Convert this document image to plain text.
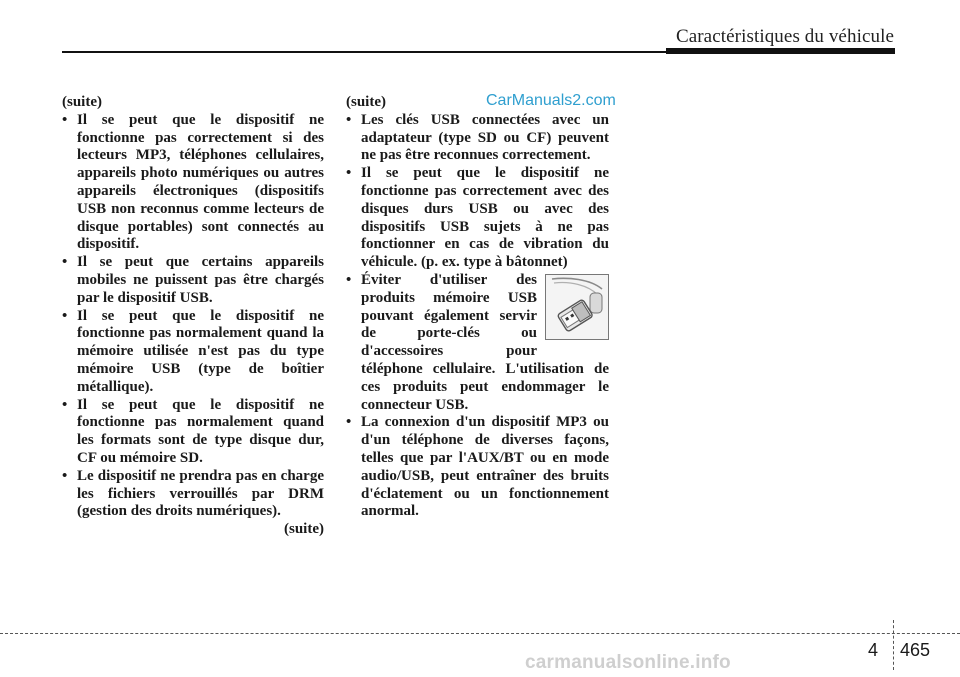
Caractéristiques du véhicule
CarManuals2.com

(suite)

• Il se peut que le dispositif ne fonctionne pas correctement si des lecteurs MP3, téléphones cellulaires, appareils photo numériques ou autres appareils électroniques (dispositifs USB non reconnus comme lecteurs de disque portables) sont connectés au dispositif.
• Il se peut que certains appareils mobiles ne puissent pas être chargés par le dispositif USB.
• Il se peut que le dispositif ne fonctionne pas normalement quand la mémoire utilisée n'est pas du type mémoire USB (type de boîtier métallique).
• Il se peut que le dispositif ne fonctionne pas normalement quand les formats sont de type disque dur, CF ou mémoire SD.
• Le dispositif ne prendra pas en charge les fichiers verrouillés par DRM (gestion des droits numériques).

(suite)

(suite)

• Les clés USB connectées avec un adaptateur (type SD ou CF) peuvent ne pas être reconnues correctement.
• Il se peut que le dispositif ne fonctionne pas correctement avec des disques durs USB ou avec des dispositifs USB sujets à ne pas fonctionner en cas de vibration du véhicule. (p. ex. type à bâtonnet)
• Éviter d'utiliser des produits mémoire USB pouvant également servir de porte-clés ou d'accessoires pour téléphone cellulaire. L'utilisation de ces produits peut endommager le connecteur USB.
• La connexion d'un dispositif MP3 ou d'un téléphone de diverses façons, telles que par l'AUX/BT ou en mode audio/USB, peut entraîner des bruits d'éclatement ou un fonctionnement anormal.
4 465
carmanualsonline.info
